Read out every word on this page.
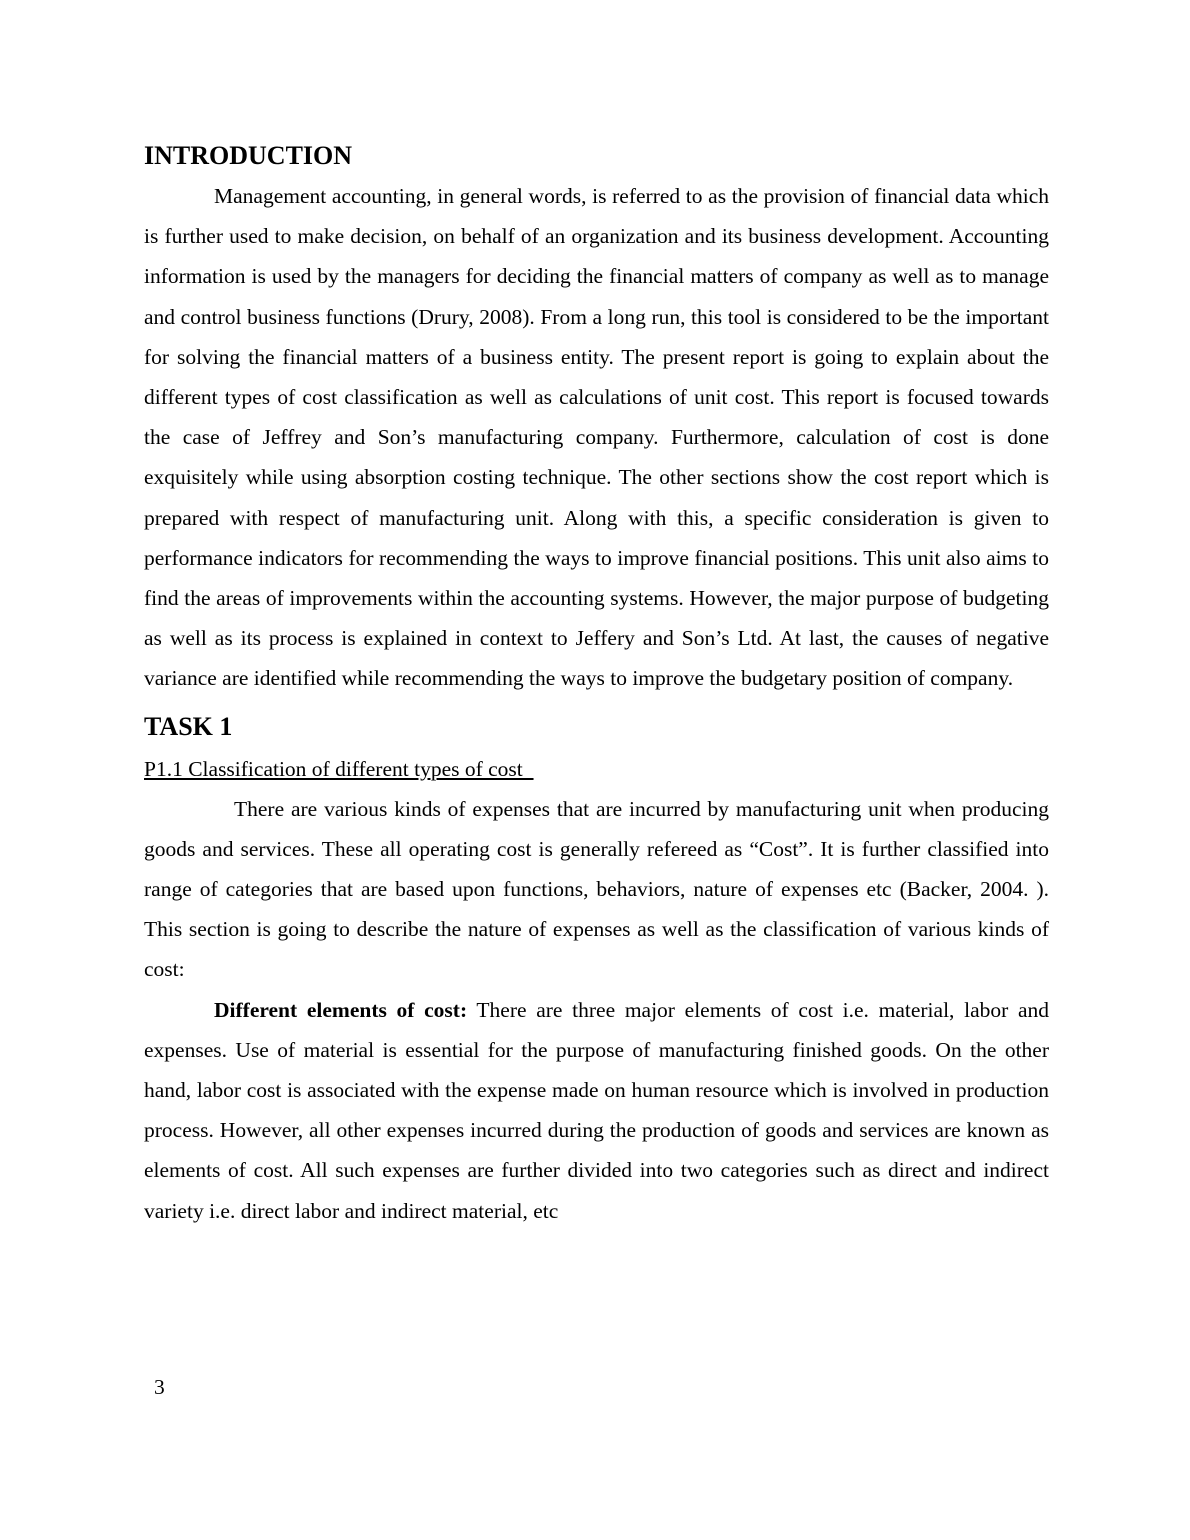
INTRODUCTION

Management accounting, in general words, is referred to as the provision of financial data which is further used to make decision, on behalf of an organization and its business development. Accounting information is used by the managers for deciding the financial matters of company as well as to manage and control business functions (Drury, 2008). From a long run, this tool is considered to be the important for solving the financial matters of a business entity. The present report is going to explain about the different types of cost classification as well as calculations of unit cost. This report is focused towards the case of Jeffrey and Son’s manufacturing company. Furthermore, calculation of cost is done exquisitely while using absorption costing technique. The other sections show the cost report which is prepared with respect of manufacturing unit. Along with this, a specific consideration is given to performance indicators for recommending the ways to improve financial positions. This unit also aims to find the areas of improvements within the accounting systems. However, the major purpose of budgeting as well as its process is explained in context to Jeffery and Son’s Ltd. At last, the causes of negative variance are identified while recommending the ways to improve the budgetary position of company.

TASK 1
P1.1 Classification of different types of cost

There are various kinds of expenses that are incurred by manufacturing unit when producing goods and services. These all operating cost is generally refereed as “Cost”. It is further classified into range of categories that are based upon functions, behaviors, nature of expenses etc (Backer, 2004. ). This section is going to describe the nature of expenses as well as the classification of various kinds of cost:

Different elements of cost: There are three major elements of cost i.e. material, labor and expenses. Use of material is essential for the purpose of manufacturing finished goods. On the other hand, labor cost is associated with the expense made on human resource which is involved in production process. However, all other expenses incurred during the production of goods and services are known as elements of cost. All such expenses are further divided into two categories such as direct and indirect variety i.e. direct labor and indirect material, etc

3
